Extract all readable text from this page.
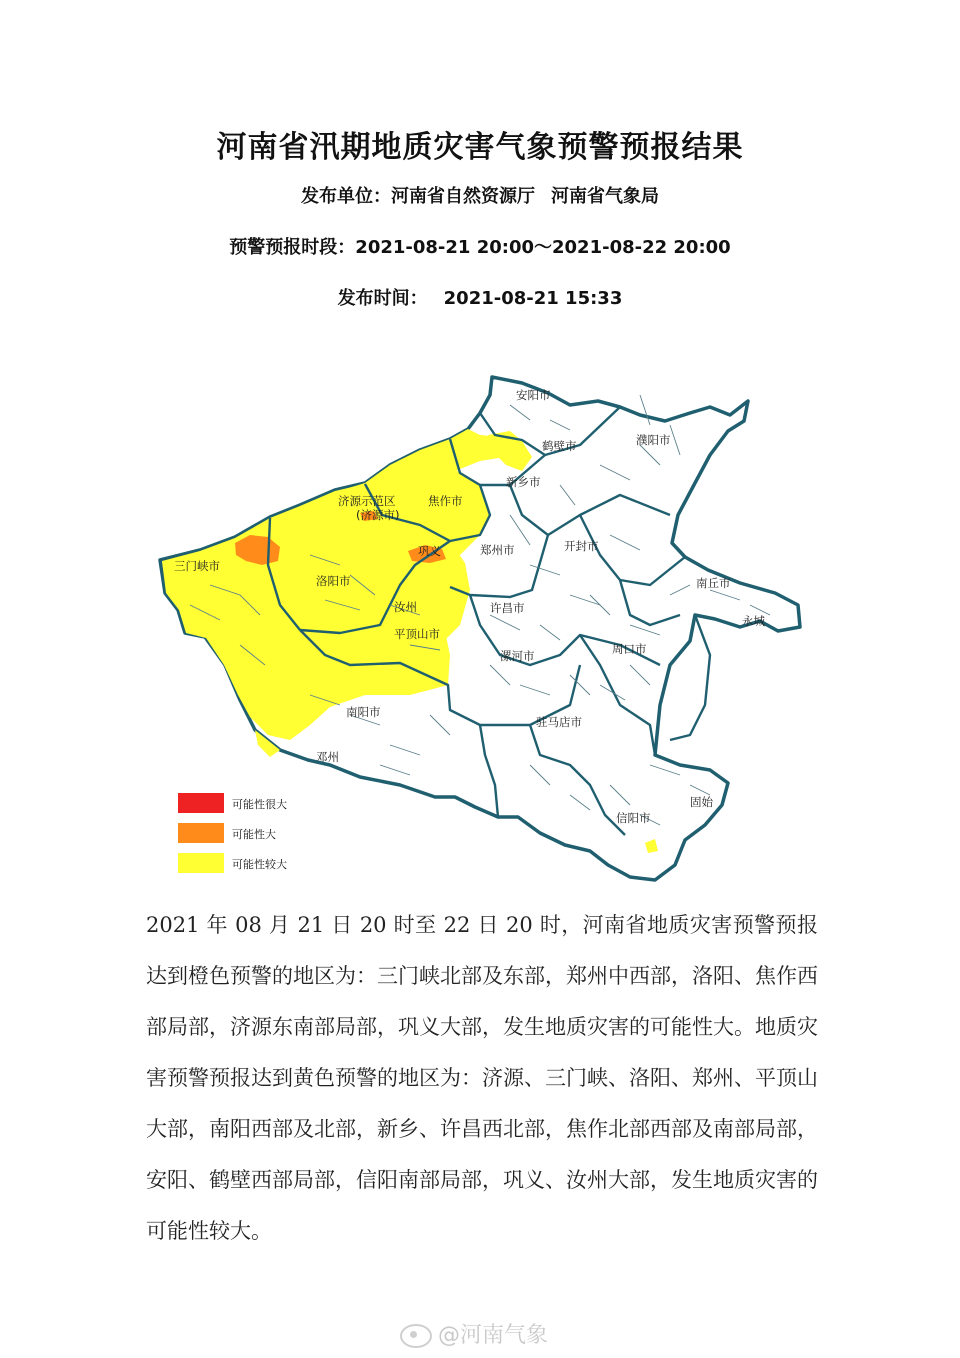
河南省汛期地质灾害气象预警预报结果
发布单位：河南省自然资源厅 河南省气象局
预警预报时段：2021-08-21 20:00～2021-08-22 20:00
发布时间： 2021-08-21 15:33
安阳市
鹤壁市	濮阳市
新乡市
济源示范区
(济源市)
焦作市
巩义	郑州市	开封市
三门峡市
洛阳市
汝州	许昌市
南丘市
永城
平顶山市
漯河市	周口市
南阳市
驻马店市
邓州
信阳市
固始
可能性很大
可能性大
可能性较大
2021 年 08 月 21 日 20 时至 22 日 20 时，河南省地质灾害预警预报达到橙色预警的地区为：三门峡北部及东部，郑州中西部，洛阳、焦作西部局部，济源东南部局部，巩义大部，发生地质灾害的可能性大。地质灾害预警预报达到黄色预警的地区为：济源、三门峡、洛阳、郑州、平顶山大部，南阳西部及北部，新乡、许昌西北部，焦作北部西部及南部局部，安阳、鹤壁西部局部，信阳南部局部，巩义、汝州大部，发生地质灾害的可能性较大。
@河南气象
